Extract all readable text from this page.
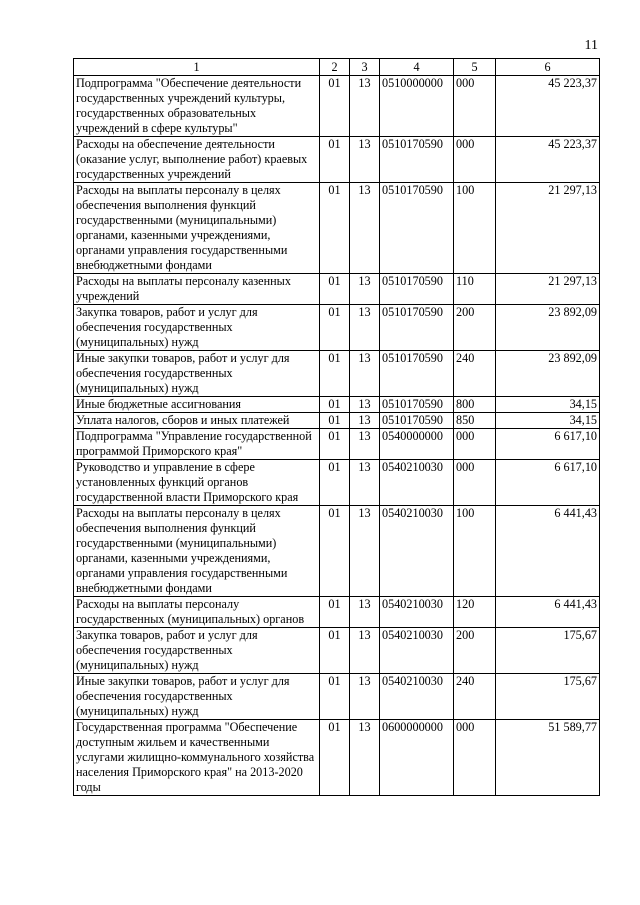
11
1	2	3	4	5	6
Подпрограмма "Обеспечение деятельности государственных учреждений культуры, государственных образовательных учреждений в сфере культуры"	01	13	0510000000	000	45 223,37
Расходы на обеспечение деятельности (оказание услуг, выполнение работ) краевых государственных учреждений	01	13	0510170590	000	45 223,37
Расходы на выплаты персоналу в целях обеспечения выполнения функций государственными (муниципальными) органами, казенными учреждениями, органами управления государственными внебюджетными фондами	01	13	0510170590	100	21 297,13
Расходы на выплаты персоналу казенных учреждений	01	13	0510170590	110	21 297,13
Закупка товаров, работ и услуг для обеспечения государственных (муниципальных) нужд	01	13	0510170590	200	23 892,09
Иные закупки товаров, работ и услуг для обеспечения государственных (муниципальных) нужд	01	13	0510170590	240	23 892,09
Иные бюджетные ассигнования	01	13	0510170590	800	34,15
Уплата налогов, сборов и иных платежей	01	13	0510170590	850	34,15
Подпрограмма "Управление государственной программой Приморского края"	01	13	0540000000	000	6 617,10
Руководство и управление в сфере установленных функций органов государственной власти Приморского края	01	13	0540210030	000	6 617,10
Расходы на выплаты персоналу в целях обеспечения выполнения функций государственными (муниципальными) органами, казенными учреждениями, органами управления государственными внебюджетными фондами	01	13	0540210030	100	6 441,43
Расходы на выплаты персоналу государственных (муниципальных) органов	01	13	0540210030	120	6 441,43
Закупка товаров, работ и услуг для обеспечения государственных (муниципальных) нужд	01	13	0540210030	200	175,67
Иные закупки товаров, работ и услуг для обеспечения государственных (муниципальных) нужд	01	13	0540210030	240	175,67
Государственная программа "Обеспечение доступным жильем и качественными услугами жилищно-коммунального хозяйства населения Приморского края" на 2013-2020 годы	01	13	0600000000	000	51 589,77
